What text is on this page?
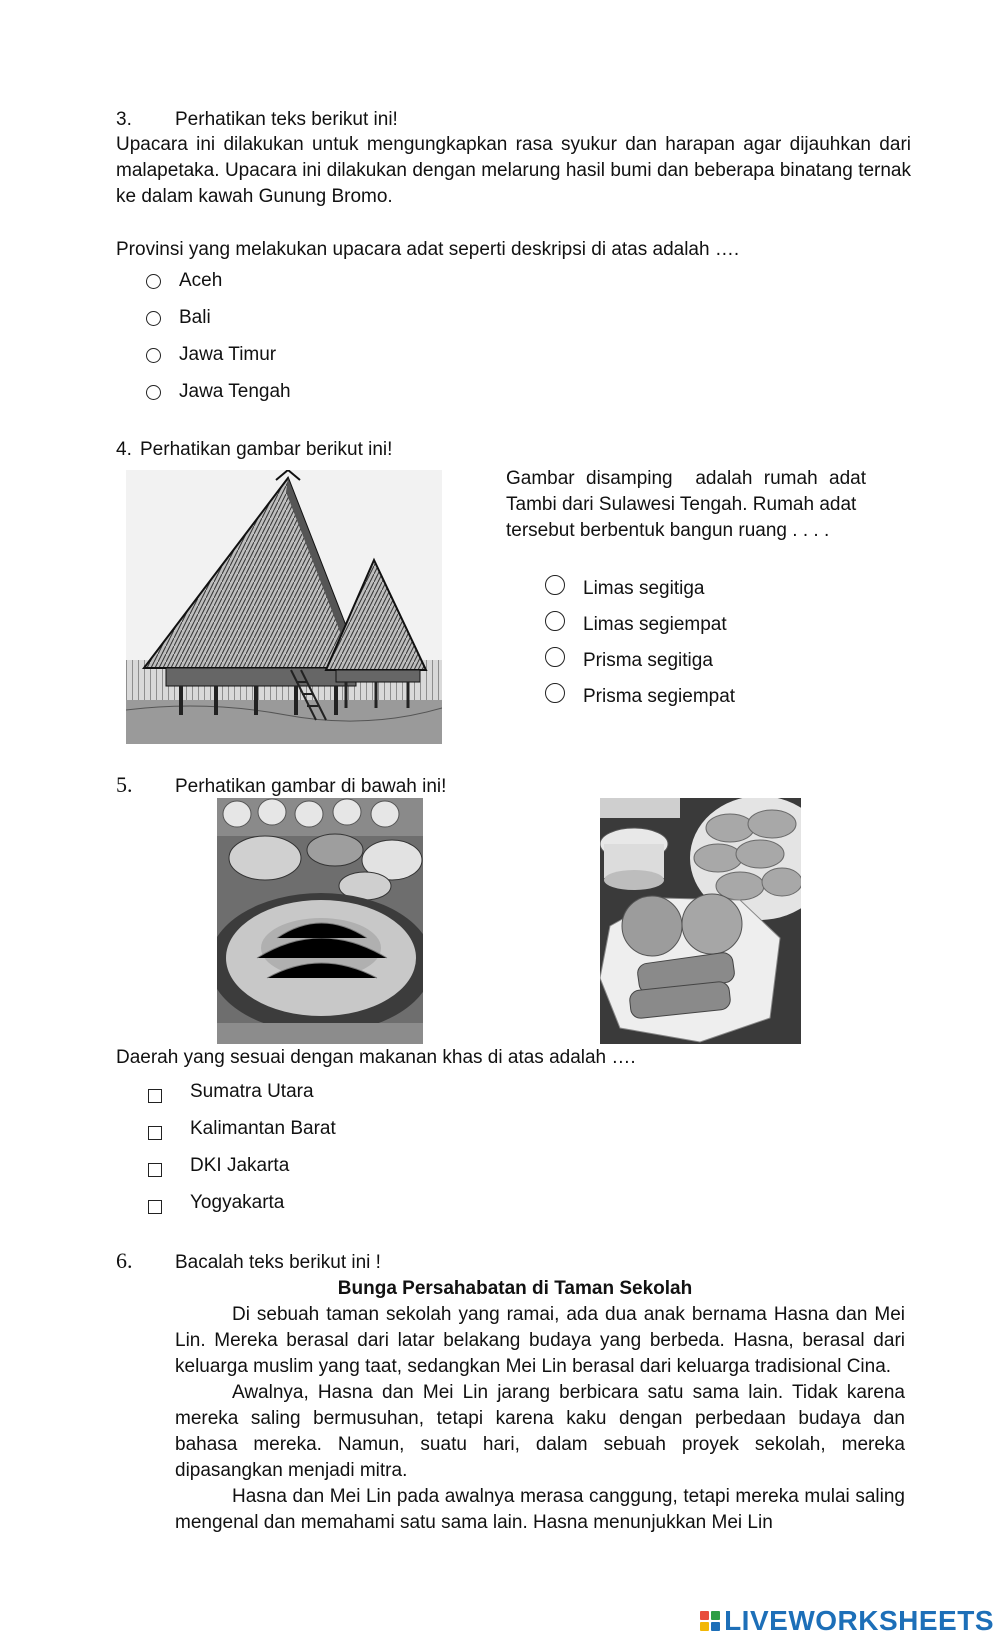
3. Perhatikan teks berikut ini!
Upacara ini dilakukan untuk mengungkapkan rasa syukur dan harapan agar dijauhkan dari malapetaka. Upacara ini dilakukan dengan melarung hasil bumi dan beberapa binatang ternak ke dalam kawah Gunung Bromo.
Provinsi yang melakukan upacara adat seperti deskripsi di atas adalah ….
Aceh
Bali
Jawa Timur
Jawa Tengah
4. Perhatikan gambar berikut ini!
Gambar disamping  adalah rumah adat
Tambi dari Sulawesi Tengah. Rumah adat
tersebut berbentuk bangun ruang . . . .
Limas segitiga
Limas segiempat
Prisma segitiga
Prisma segiempat
5. Perhatikan gambar di bawah ini!
Daerah yang sesuai dengan makanan khas di atas adalah ….
Sumatra Utara
Kalimantan Barat
DKI Jakarta
Yogyakarta
6. Bacalah teks berikut ini !
Bunga Persahabatan di Taman Sekolah

Di sebuah taman sekolah yang ramai, ada dua anak bernama Hasna dan Mei Lin. Mereka berasal dari latar belakang budaya yang berbeda. Hasna, berasal dari keluarga muslim yang taat, sedangkan Mei Lin berasal dari keluarga tradisional Cina.

Awalnya, Hasna dan Mei Lin jarang berbicara satu sama lain. Tidak karena mereka saling bermusuhan, tetapi karena kaku dengan perbedaan budaya dan bahasa mereka. Namun, suatu hari, dalam sebuah proyek sekolah, mereka dipasangkan menjadi mitra.

Hasna dan Mei Lin pada awalnya merasa canggung, tetapi mereka mulai saling mengenal dan memahami satu sama lain. Hasna menunjukkan Mei Lin

LIVEWORKSHEETS
